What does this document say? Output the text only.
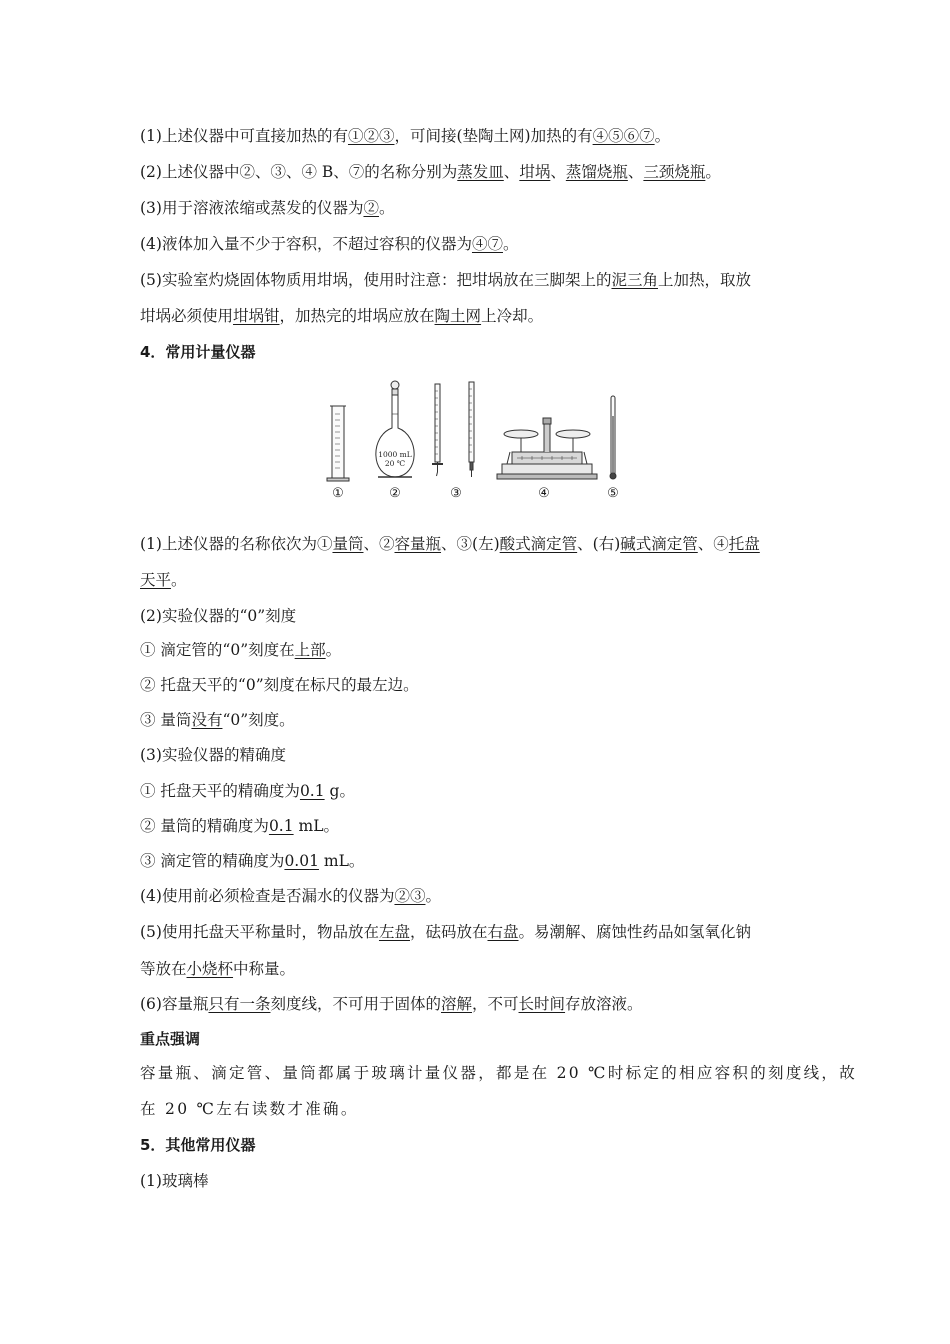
(1)上述仪器中可直接加热的有①②③，可间接(垫陶土网)加热的有④⑤⑥⑦。
(2)上述仪器中②、③、④ B、⑦的名称分别为蒸发皿、坩埚、蒸馏烧瓶、三颈烧瓶。
(3)用于溶液浓缩或蒸发的仪器为②。
(4)液体加入量不少于容积，不超过容积的仪器为④⑦。
(5)实验室灼烧固体物质用坩埚，使用时注意：把坩埚放在三脚架上的泥三角上加热，取放
坩埚必须使用坩埚钳，加热完的坩埚应放在陶土网上冷却。
4．常用计量仪器
1000 mL
20 ℃
①	②	③	④	⑤
(1)上述仪器的名称依次为①量筒、②容量瓶、③(左)酸式滴定管、(右)碱式滴定管、④托盘
天平。
(2)实验仪器的“0”刻度
① 滴定管的“0”刻度在上部。
② 托盘天平的“0”刻度在标尺的最左边。
③ 量筒没有“0”刻度。
(3)实验仪器的精确度
① 托盘天平的精确度为0.1 g。
② 量筒的精确度为0.1 mL。
③ 滴定管的精确度为0.01 mL。
(4)使用前必须检查是否漏水的仪器为②③。
(5)使用托盘天平称量时，物品放在左盘，砝码放在右盘。易潮解、腐蚀性药品如氢氧化钠
等放在小烧杯中称量。
(6)容量瓶只有一条刻度线，不可用于固体的溶解，不可长时间存放溶液。
重点强调
容量瓶、滴定管、量筒都属于玻璃计量仪器，都是在 20 ℃时标定的相应容积的刻度线，故
在 20 ℃左右读数才准确。
5．其他常用仪器
(1)玻璃棒
